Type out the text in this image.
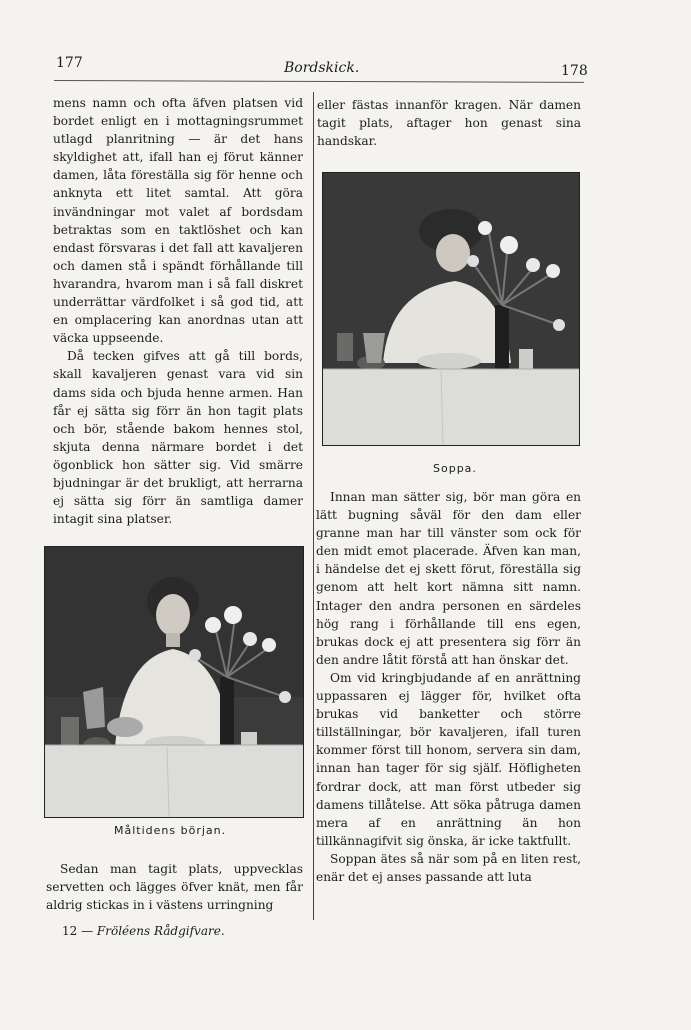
177	Bordskick.	178

mens namn och ofta äfven platsen vid bordet enligt en i mottagningsrummet utlagd planritning — är det hans skyldighet att, ifall han ej förut känner damen, låta föreställa sig för henne och anknyta ett litet samtal. Att göra invändningar mot valet af bordsdam betraktas som en taktlöshet och kan endast försvaras i det fall att kavaljeren och damen stå i spändt förhållande till hvarandra, hvarom man i så fall diskret underrättar värdfolket i så god tid, att en omplacering kan anordnas utan att väcka uppseende.

Då tecken gifves att gå till bords, skall kavaljeren genast vara vid sin dams sida och bjuda henne armen. Han får ej sätta sig förr än hon tagit plats och bör, stående bakom hennes stol, skjuta denna närmare bordet i det ögonblick hon sätter sig. Vid smärre bjudningar är det brukligt, att herrarna ej sätta sig förr än samtliga damer intagit sina platser.

Måltidens början.

Sedan man tagit plats, uppvecklas servetten och lägges öfver knät, men får aldrig stickas in i västens urringning

eller fästas innanför kragen. När damen tagit plats, aftager hon genast sina handskar.

Soppa.

Innan man sätter sig, bör man göra en lätt bugning såväl för den dam eller granne man har till vänster som ock för den midt emot placerade. Äfven kan man, i händelse det ej skett förut, föreställa sig genom att helt kort nämna sitt namn. Intager den andra personen en särdeles hög rang i förhållande till ens egen, brukas dock ej att presentera sig förr än den andre låtit förstå att han önskar det.

Om vid kringbjudande af en anrättning uppassaren ej lägger för, hvilket ofta brukas vid banketter och större tillställningar, bör kavaljeren, ifall turen kommer först till honom, servera sin dam, innan han tager för sig själf. Höfligheten fordrar dock, att man först utbeder sig damens tillåtelse. Att söka påtruga damen mera af en anrättning än hon tillkännagifvit sig önska, är icke taktfullt.

Soppan ätes så när som på en liten rest, enär det ej anses passande att luta

12 — Fröléens Rådgifvare.
